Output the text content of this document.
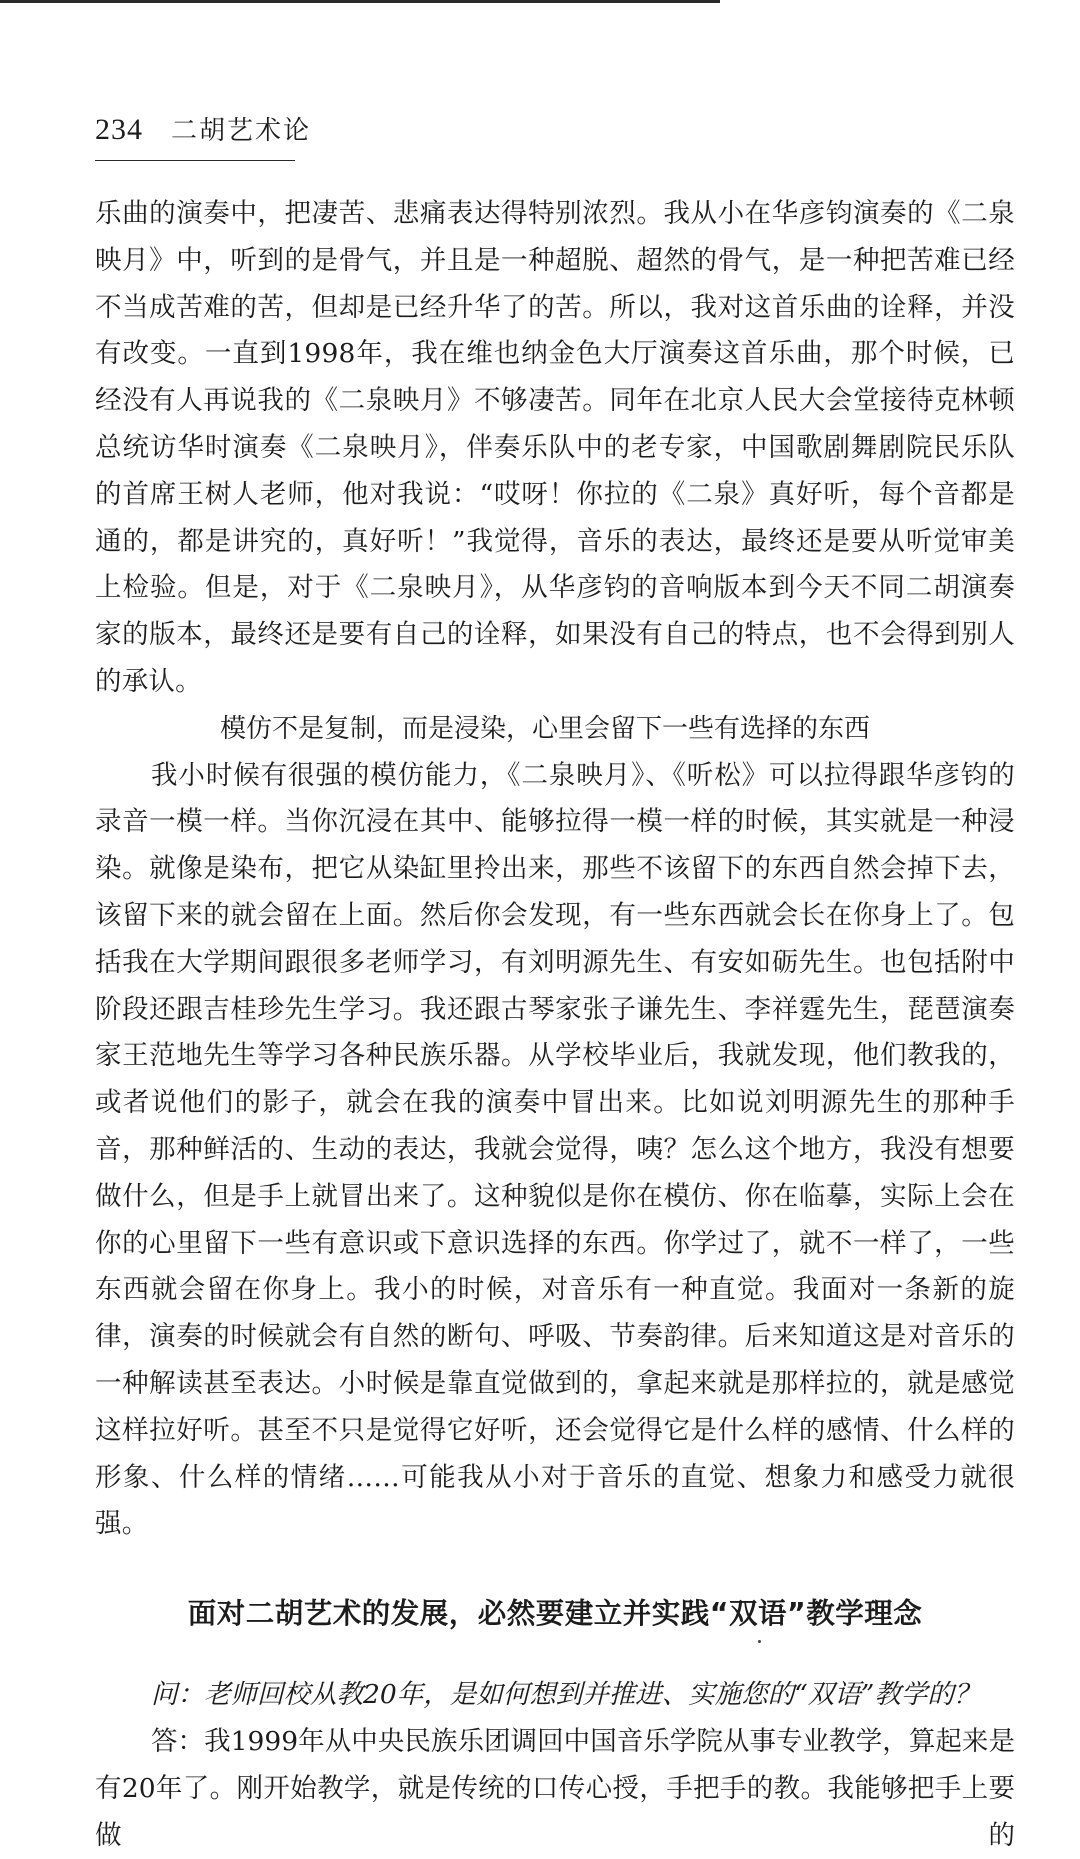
234 二胡艺术论

乐曲的演奏中，把凄苦、悲痛表达得特别浓烈。我从小在华彦钧演奏的《二泉映月》中，听到的是骨气，并且是一种超脱、超然的骨气，是一种把苦难已经不当成苦难的苦，但却是已经升华了的苦。所以，我对这首乐曲的诠释，并没有改变。一直到1998年，我在维也纳金色大厅演奏这首乐曲，那个时候，已经没有人再说我的《二泉映月》不够凄苦。同年在北京人民大会堂接待克林顿总统访华时演奏《二泉映月》，伴奏乐队中的老专家，中国歌剧舞剧院民乐队的首席王树人老师，他对我说：“哎呀！你拉的《二泉》真好听，每个音都是通的，都是讲究的，真好听！”我觉得，音乐的表达，最终还是要从听觉审美上检验。但是，对于《二泉映月》，从华彦钧的音响版本到今天不同二胡演奏家的版本，最终还是要有自己的诠释，如果没有自己的特点，也不会得到别人的承认。

模仿不是复制，而是浸染，心里会留下一些有选择的东西

我小时候有很强的模仿能力，《二泉映月》、《听松》可以拉得跟华彦钧的录音一模一样。当你沉浸在其中、能够拉得一模一样的时候，其实就是一种浸染。就像是染布，把它从染缸里拎出来，那些不该留下的东西自然会掉下去，该留下来的就会留在上面。然后你会发现，有一些东西就会长在你身上了。包括我在大学期间跟很多老师学习，有刘明源先生、有安如砺先生。也包括附中阶段还跟吉桂珍先生学习。我还跟古琴家张子谦先生、李祥霆先生，琵琶演奏家王范地先生等学习各种民族乐器。从学校毕业后，我就发现，他们教我的，或者说他们的影子，就会在我的演奏中冒出来。比如说刘明源先生的那种手音，那种鲜活的、生动的表达，我就会觉得，咦？怎么这个地方，我没有想要做什么，但是手上就冒出来了。这种貌似是你在模仿、你在临摹，实际上会在你的心里留下一些有意识或下意识选择的东西。你学过了，就不一样了，一些东西就会留在你身上。我小的时候，对音乐有一种直觉。我面对一条新的旋律，演奏的时候就会有自然的断句、呼吸、节奏韵律。后来知道这是对音乐的一种解读甚至表达。小时候是靠直觉做到的，拿起来就是那样拉的，就是感觉这样拉好听。甚至不只是觉得它好听，还会觉得它是什么样的感情、什么样的形象、什么样的情绪……可能我从小对于音乐的直觉、想象力和感受力就很强。

面对二胡艺术的发展，必然要建立并实践“双语”教学理念

问：老师回校从教20年，是如何想到并推进、实施您的“双语”教学的？

答：我1999年从中央民族乐团调回中国音乐学院从事专业教学，算起来是有20年了。刚开始教学，就是传统的口传心授，手把手的教。我能够把手上要做的
